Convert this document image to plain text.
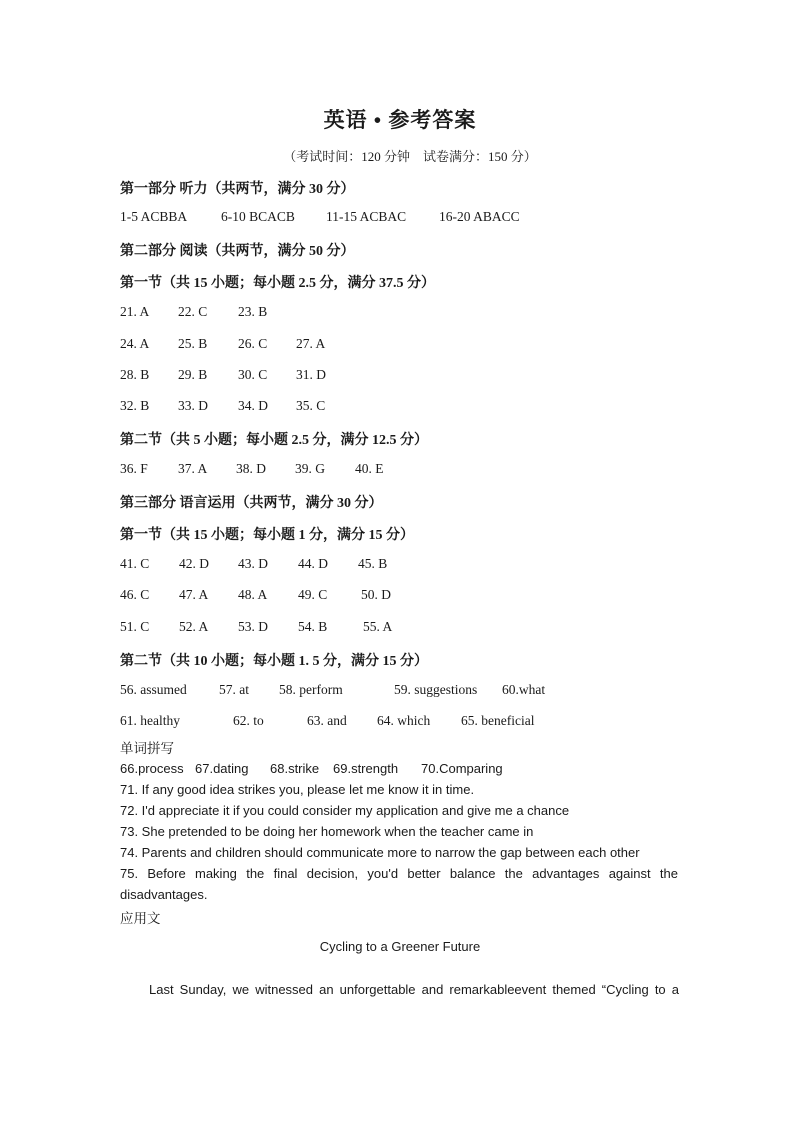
英语 • 参考答案
（考试时间：120 分钟　试卷满分：150 分）
第一部分 听力（共两节，满分 30 分）
1-5 ACBBA	6-10 BCACB 11-15 ACBAC 16-20 ABACC
第二部分 阅读（共两节，满分 50 分）
第一节（共 15 小题；每小题 2.5 分，满分 37.5 分）
21. A 22. C 23. B
24. A 25. B 26. C 27. A
28. B 29. B 30. C 31. D
32. B 33. D 34. D 35. C
第二节（共 5 小题；每小题 2.5 分，满分 12.5 分）
36. F 37. A 38. D 39. G 40. E
第三部分 语言运用（共两节，满分 30 分）
第一节（共 15 小题；每小题 1 分，满分 15 分）
41. C 42. D 43. D 44. D 45. B
46. C 47. A 48. A 49. C 50. D
51. C 52. A 53. D 54. B	55. A
第二节（共 10 小题；每小题 1. 5 分，满分 15 分）
56. assumed 57. at 58. perform	59. suggestions 60.what
61. healthy	62. to	63. and 64. which 65. beneficial
单词拼写
66.process 67.dating 68.strike 69.strength 70.Comparing
71. If any good idea strikes you, please let me know it in time.
72. I'd appreciate it if you could consider my application and give me a chance
73. She pretended to be doing her homework when the teacher came in
74. Parents and children should communicate more to narrow the gap between each other
75. Before making the final decision, you'd better balance the advantages against the
disadvantages.
应用文
Cycling to a Greener Future
Last Sunday, we witnessed an unforgettable and remarkableevent themed “Cycling to a
